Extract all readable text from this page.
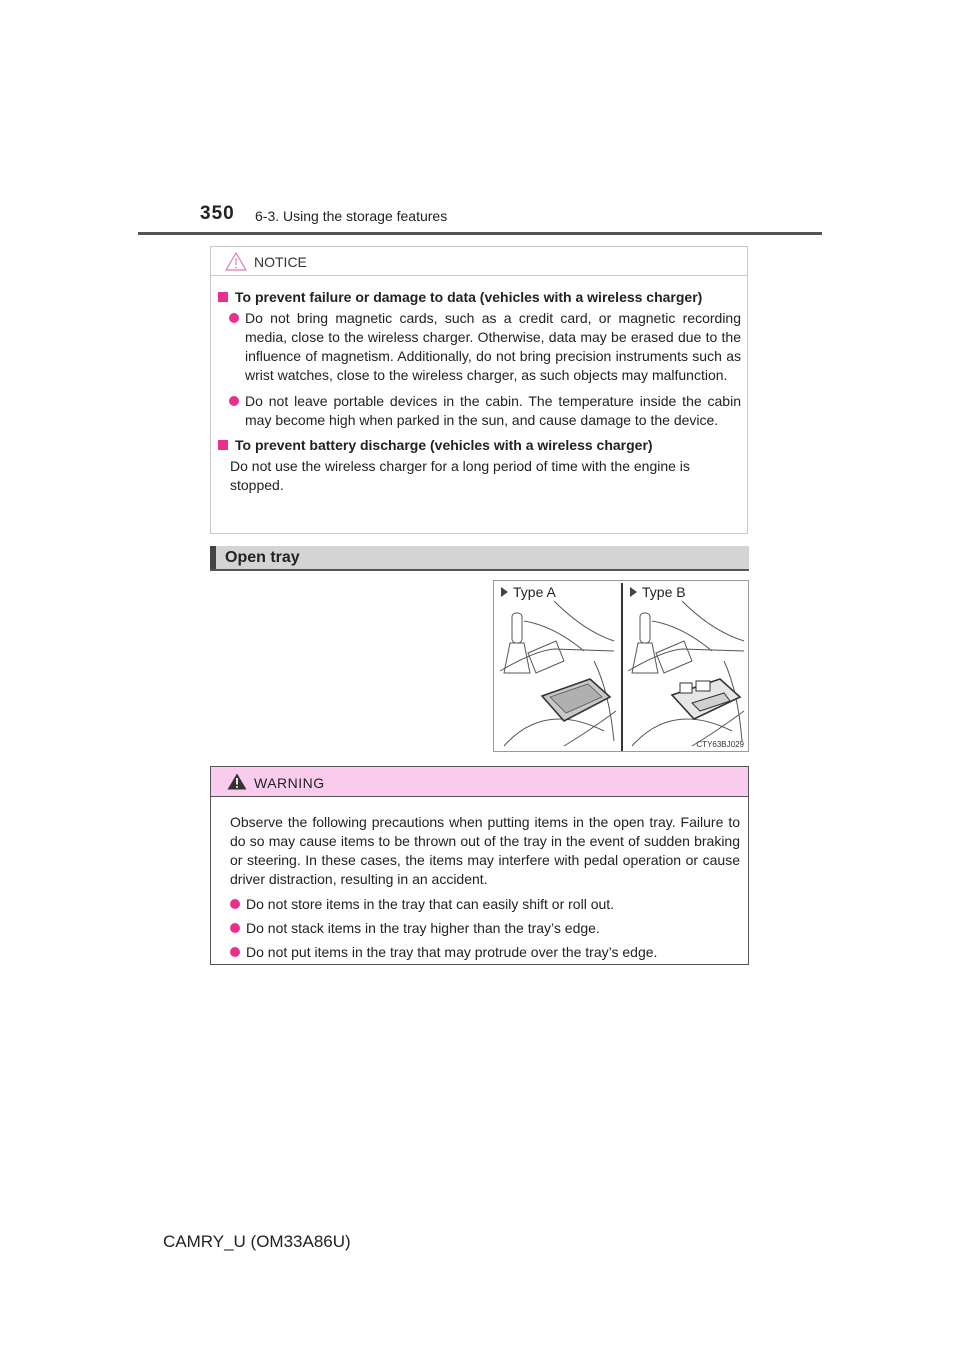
350 6-3. Using the storage features
NOTICE
To prevent failure or damage to data (vehicles with a wireless charger)
Do not bring magnetic cards, such as a credit card, or magnetic recording media, close to the wireless charger. Otherwise, data may be erased due to the influence of magnetism. Additionally, do not bring precision instruments such as wrist watches, close to the wireless charger, as such objects may malfunction.
Do not leave portable devices in the cabin. The temperature inside the cabin may become high when parked in the sun, and cause damage to the device.
To prevent battery discharge (vehicles with a wireless charger)
Do not use the wireless charger for a long period of time with the engine is stopped.
Open tray
Type A	Type B
CTY63BJ029
WARNING
Observe the following precautions when putting items in the open tray. Failure to do so may cause items to be thrown out of the tray in the event of sudden braking or steering. In these cases, the items may interfere with pedal operation or cause driver distraction, resulting in an accident.
Do not store items in the tray that can easily shift or roll out.
Do not stack items in the tray higher than the tray’s edge.
Do not put items in the tray that may protrude over the tray’s edge.
CAMRY_U (OM33A86U)
